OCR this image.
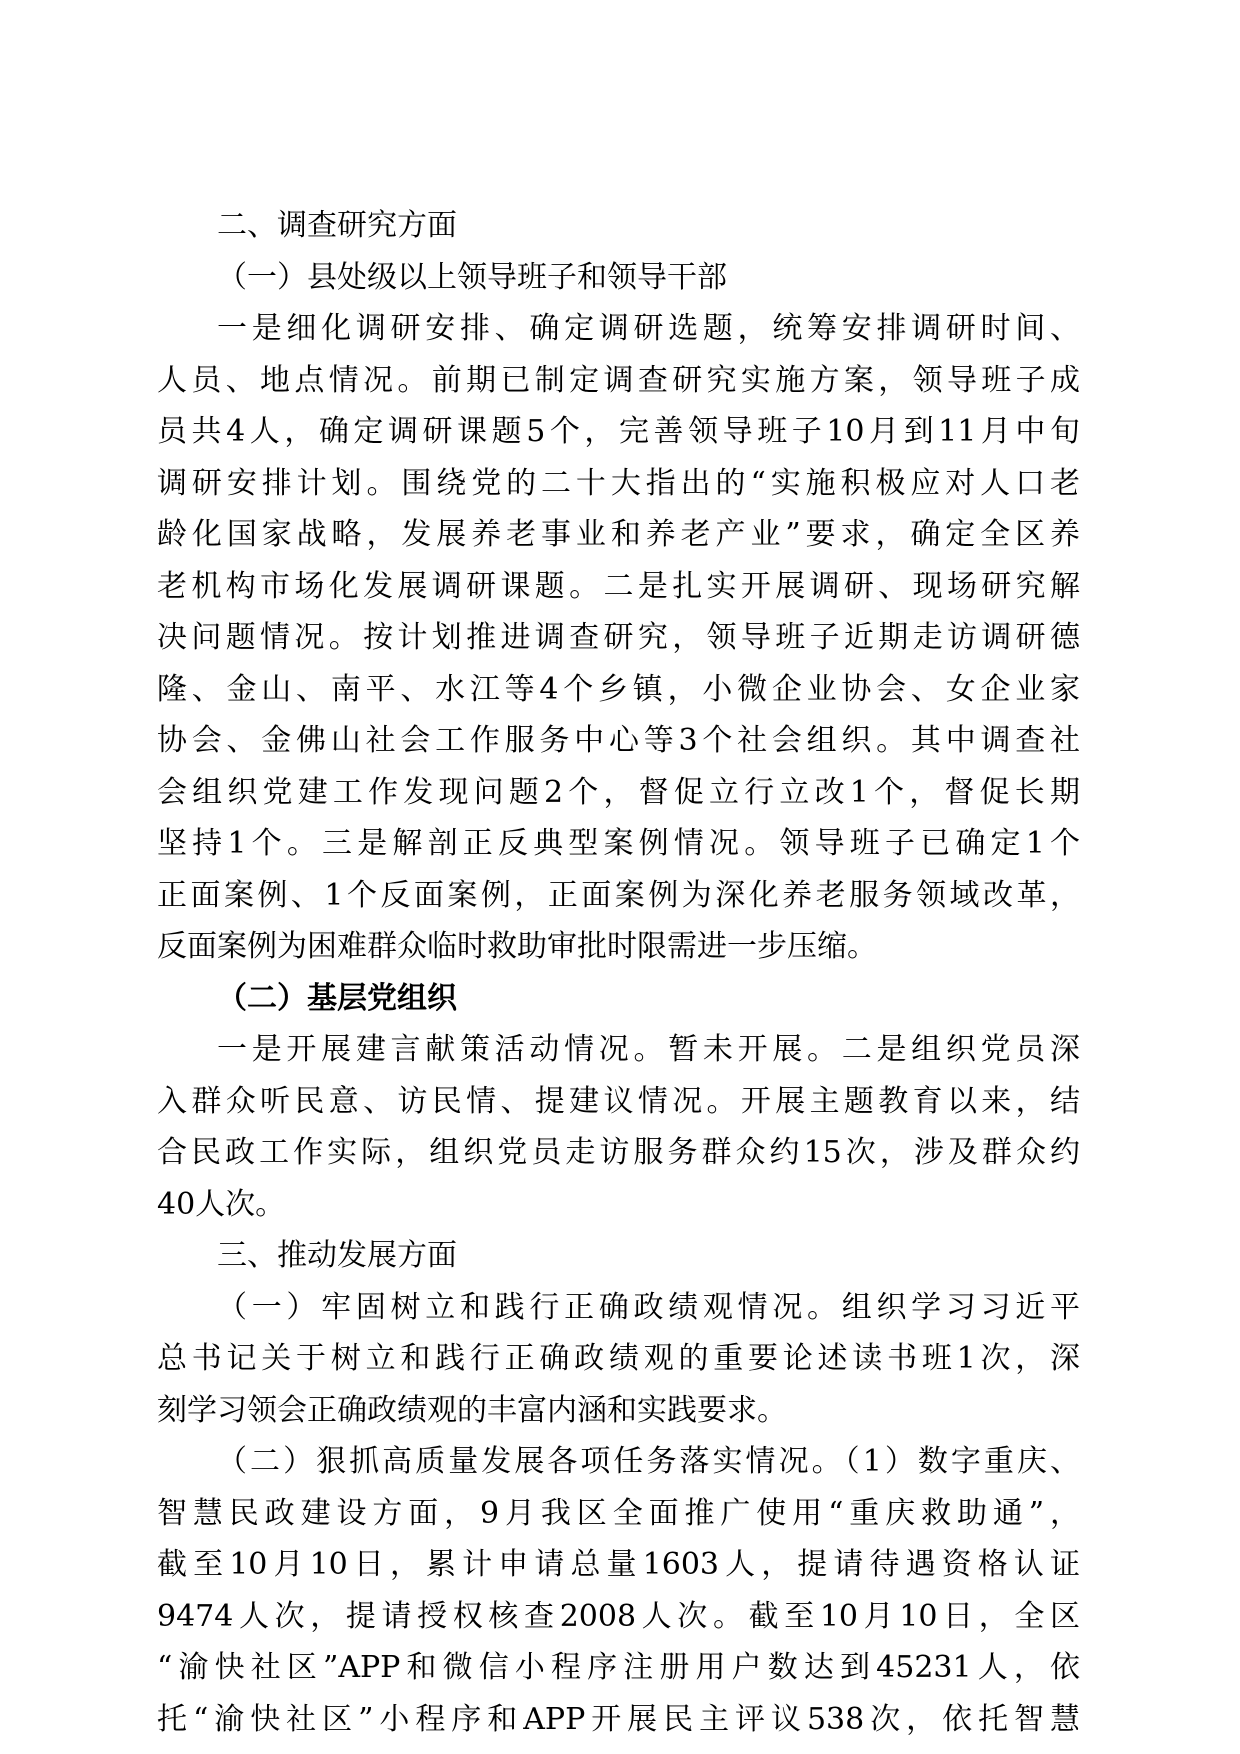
二、调查研究方面
（一）县处级以上领导班子和领导干部
一是细化调研安排、确定调研选题，统筹安排调研时间、
人员、地点情况。前期已制定调查研究实施方案，领导班子成
员共4人，确定调研课题5个，完善领导班子10月到11月中旬
调研安排计划。围绕党的二十大指出的“实施积极应对人口老
龄化国家战略，发展养老事业和养老产业”要求，确定全区养
老机构市场化发展调研课题。二是扎实开展调研、现场研究解
决问题情况。按计划推进调查研究，领导班子近期走访调研德
隆、金山、南平、水江等4个乡镇，小微企业协会、女企业家
协会、金佛山社会工作服务中心等3个社会组织。其中调查社
会组织党建工作发现问题2个，督促立行立改1个，督促长期
坚持1个。三是解剖正反典型案例情况。领导班子已确定1个
正面案例、1个反面案例，正面案例为深化养老服务领域改革，
反面案例为困难群众临时救助审批时限需进一步压缩。
（二）基层党组织
一是开展建言献策活动情况。暂未开展。二是组织党员深
入群众听民意、访民情、提建议情况。开展主题教育以来，结
合民政工作实际，组织党员走访服务群众约15次，涉及群众约
40人次。
三、推动发展方面
（一）牢固树立和践行正确政绩观情况。组织学习习近平
总书记关于树立和践行正确政绩观的重要论述读书班1次，深
刻学习领会正确政绩观的丰富内涵和实践要求。
（二）狠抓高质量发展各项任务落实情况。（1）数字重庆、
智慧民政建设方面，9月我区全面推广使用“重庆救助通”，
截至10月10日，累计申请总量1603人，提请待遇资格认证
9474人次，提请授权核查2008人次。截至10月10日，全区
“渝快社区”APP和微信小程序注册用户数达到45231人，依
托“渝快社区”小程序和APP开展民主评议538次，依托智慧
